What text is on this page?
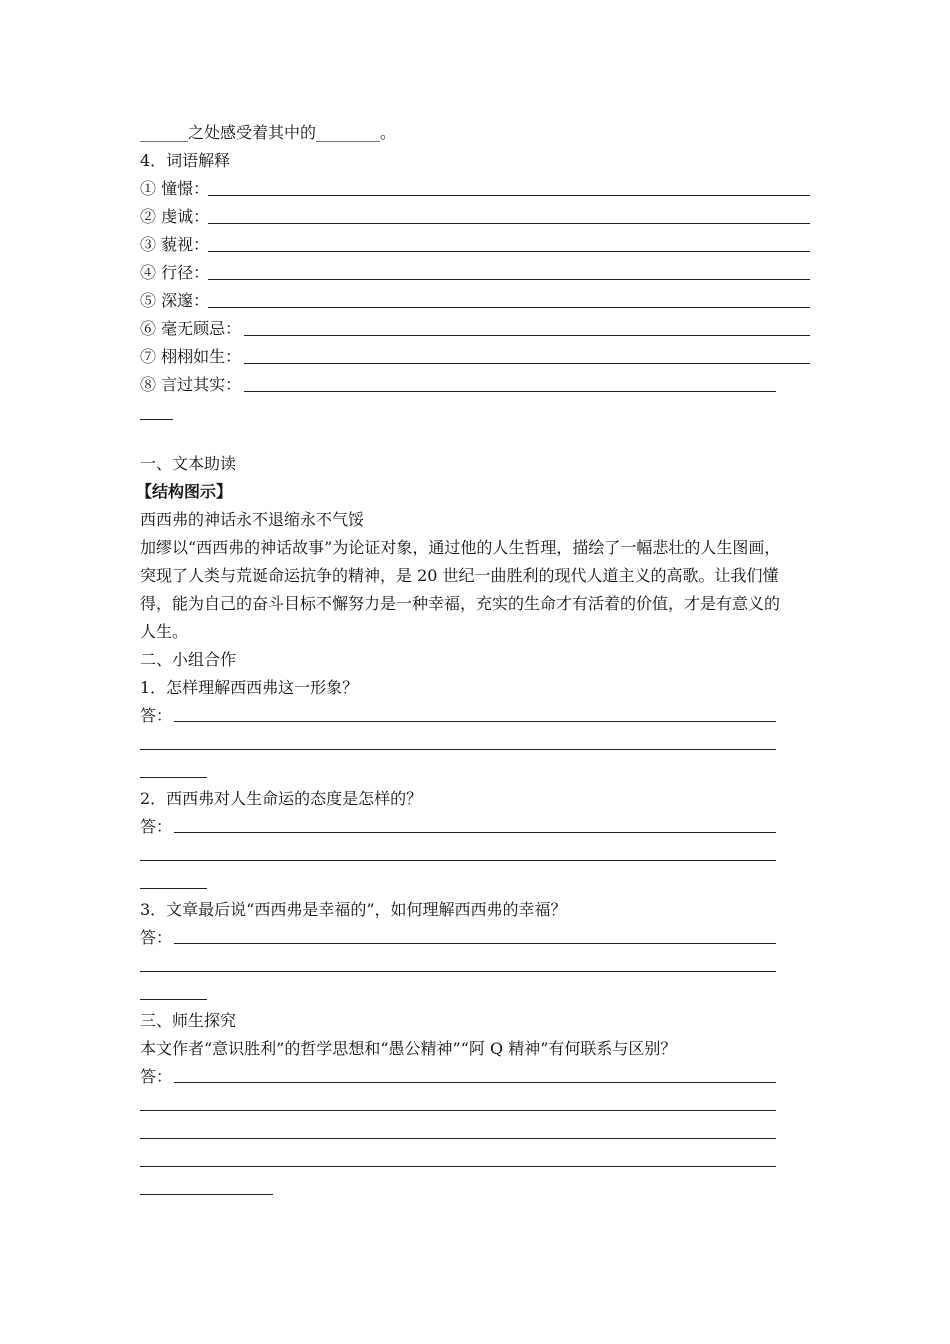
______之处感受着其中的________。
4．词语解释
① 憧憬：
② 虔诚：
③ 藐视：
④ 行径：
⑤ 深邃：
⑥ 毫无顾忌：
⑦ 栩栩如生：
⑧ 言过其实：
一、文本助读
【结构图示】
西西弗的神话永不退缩永不气馁
加缪以“西西弗的神话故事”为论证对象，通过他的人生哲理，描绘了一幅悲壮的人生图画，
突现了人类与荒诞命运抗争的精神，是 20 世纪一曲胜利的现代人道主义的高歌。让我们懂
得，能为自己的奋斗目标不懈努力是一种幸福，充实的生命才有活着的价值，才是有意义的
人生。
二、小组合作
1．怎样理解西西弗这一形象？
答：
2．西西弗对人生命运的态度是怎样的？
答：
3．文章最后说“西西弗是幸福的”，如何理解西西弗的幸福？
答：
三、师生探究
本文作者“意识胜利”的哲学思想和“愚公精神”“阿 Q 精神”有何联系与区别？
答：
